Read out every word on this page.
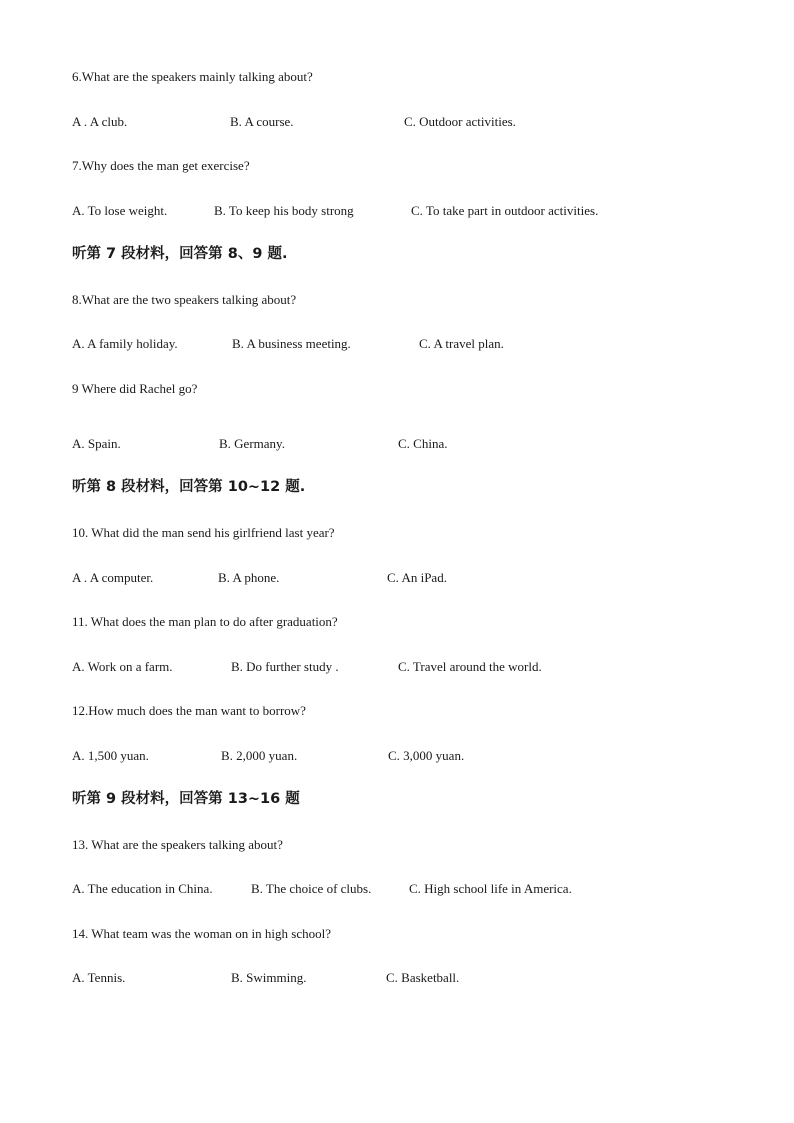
6.What are the speakers mainly talking about?
A . A club.	B. A course.	C. Outdoor activities.
7.Why does the man get exercise?
A. To lose weight.	B. To keep his body strong	C. To take part in outdoor activities.
听第 7 段材料，回答第 8、9 题.
8.What are the two speakers talking about?
A. A family holiday.	B. A business meeting.	C. A travel plan.
9 Where did Rachel go?
A. Spain.	B. Germany.	C. China.
听第 8 段材料，回答第 10~12 题.
10. What did the man send his girlfriend last year?
A . A computer.	B. A phone.	C. An iPad.
11. What does the man plan to do after graduation?
A. Work on a farm.	B. Do further study .	C. Travel around the world.
12.How much does the man want to borrow?
A. 1,500 yuan.	B. 2,000 yuan.	C. 3,000 yuan.
听第 9 段材料，回答第 13~16 题
13. What are the speakers talking about?
A. The education in China.	B. The choice of clubs.	C. High school life in America.
14. What team was the woman on in high school?
A. Tennis.	B. Swimming.	C. Basketball.
